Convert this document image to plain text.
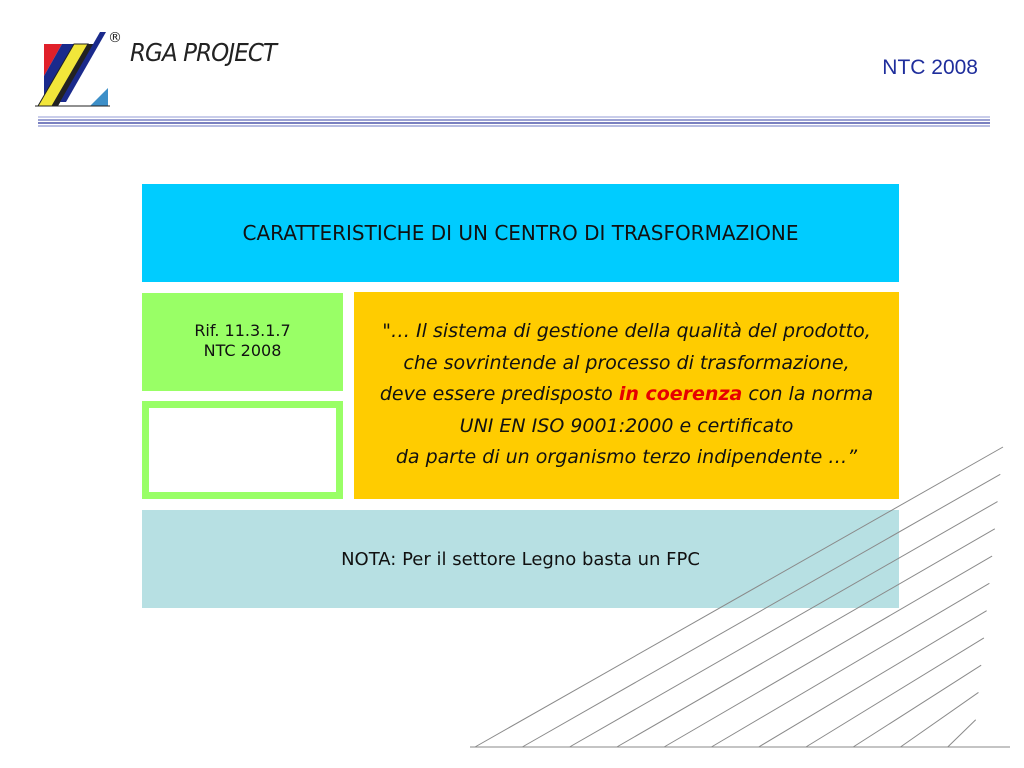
® RGA PROJECT
NTC 2008
CARATTERISTICHE DI UN CENTRO DI TRASFORMAZIONE
Rif. 11.3.1.7
NTC 2008
"… Il sistema di gestione della qualità del prodotto,
che sovrintende al processo di trasformazione,
deve essere predisposto in coerenza con la norma
UNI EN ISO 9001:2000 e certificato
da parte di un organismo terzo indipendente …”
NOTA: Per il settore Legno basta un FPC
